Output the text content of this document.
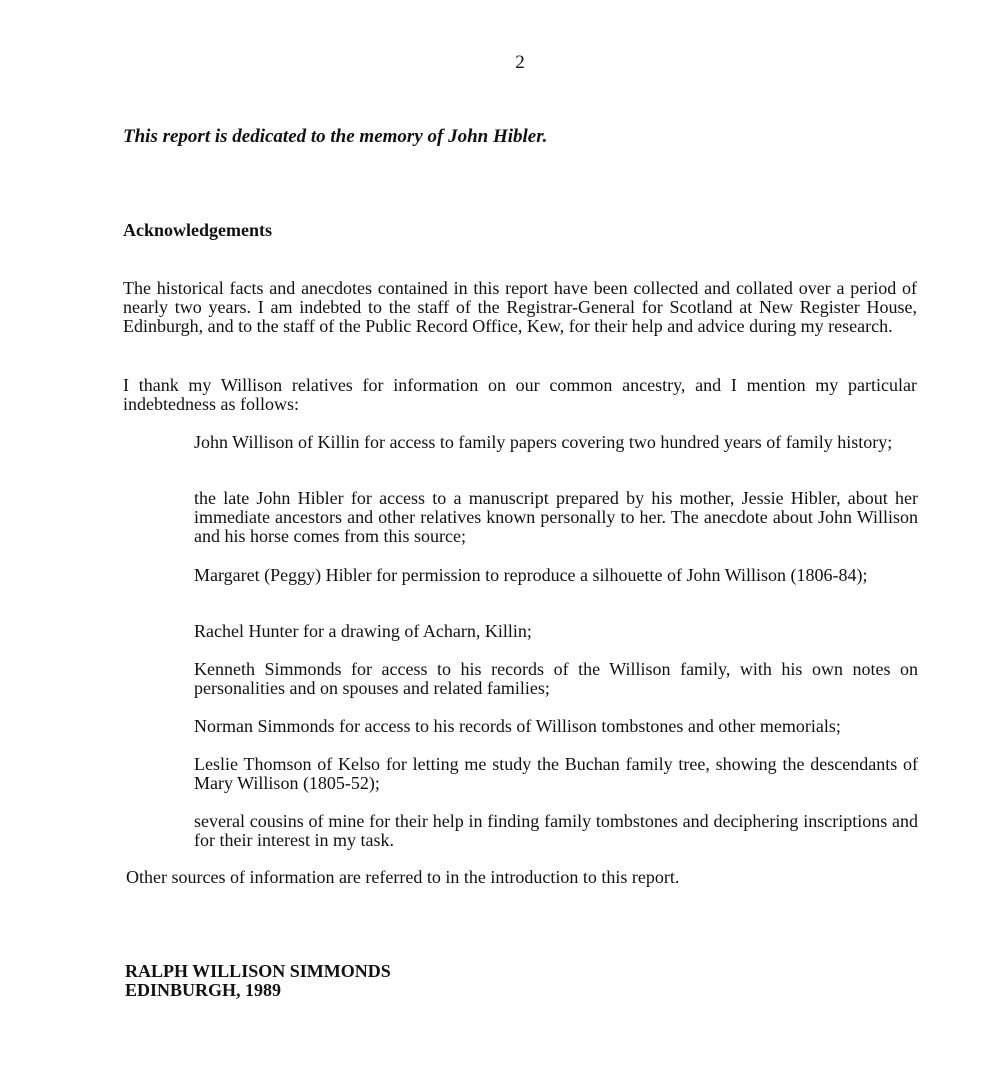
2

This report is dedicated to the memory of John Hibler.

Acknowledgements

The historical facts and anecdotes contained in this report have been collected and collated over a period of nearly two years. I am indebted to the staff of the Registrar-General for Scotland at New Register House, Edinburgh, and to the staff of the Public Record Office, Kew, for their help and advice during my research.

I thank my Willison relatives for information on our common ancestry, and I mention my particular indebtedness as follows:

John Willison of Killin for access to family papers covering two hundred years of family history;

the late John Hibler for access to a manuscript prepared by his mother, Jessie Hibler, about her immediate ancestors and other relatives known personally to her. The anecdote about John Willison and his horse comes from this source;

Margaret (Peggy) Hibler for permission to reproduce a silhouette of John Willison (1806-84);

Rachel Hunter for a drawing of Acharn, Killin;

Kenneth Simmonds for access to his records of the Willison family, with his own notes on personalities and on spouses and related families;

Norman Simmonds for access to his records of Willison tombstones and other memorials;

Leslie Thomson of Kelso for letting me study the Buchan family tree, showing the descendants of Mary Willison (1805-52);

several cousins of mine for their help in finding family tombstones and deciphering inscriptions and for their interest in my task.

Other sources of information are referred to in the introduction to this report.

RALPH WILLISON SIMMONDS
EDINBURGH, 1989
